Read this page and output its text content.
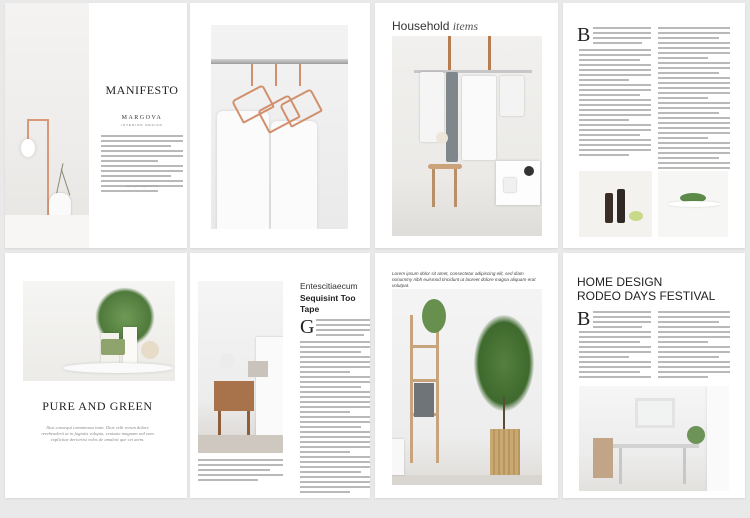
MANIFESTO
MARGOVA
INTERIOR DESIGN
www.stylemagazine.com
Household items	B
PURE AND GREEN
Ilias consequi comnimusa tiani. Duis velit rerum dolore rerehenderit ut in fugiatis volupta, veniatse magnam sed eum explicitae deriortisi volos de amalest que cet atem.
Entescitiaecum
Sequisint Too Tape
G
Lorem ipsum dolor sit amet, consectetur adipiscing elit, sed diam nonummy nibh euismod tincidunt ut laoreet dolore magna aliquam erat volutpat.	HOME DESIGN
RODEO DAYS FESTIVAL
B
